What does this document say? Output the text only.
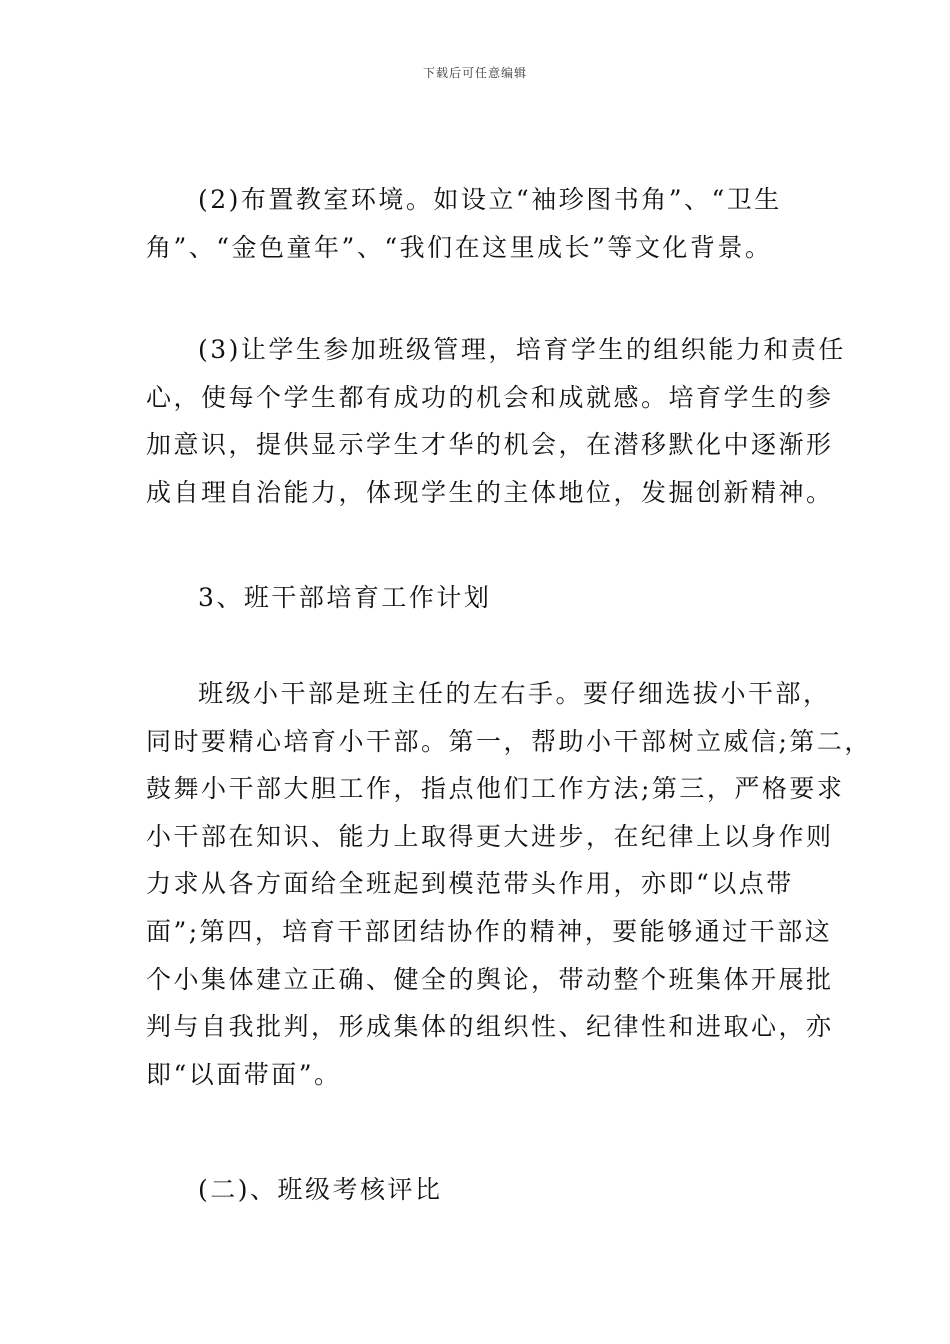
下载后可任意编辑
(2)布置教室环境。如设立“袖珍图书角”、“卫生
角”、“金色童年”、“我们在这里成长”等文化背景。
(3)让学生参加班级管理，培育学生的组织能力和责任
心，使每个学生都有成功的机会和成就感。培育学生的参
加意识，提供显示学生才华的机会，在潜移默化中逐渐形
成自理自治能力，体现学生的主体地位，发掘创新精神。
3、班干部培育工作计划
班级小干部是班主任的左右手。要仔细选拔小干部，
同时要精心培育小干部。第一，帮助小干部树立威信;第二，
鼓舞小干部大胆工作，指点他们工作方法;第三，严格要求
小干部在知识、能力上取得更大进步，在纪律上以身作则
力求从各方面给全班起到模范带头作用，亦即“以点带
面”;第四，培育干部团结协作的精神，要能够通过干部这
个小集体建立正确、健全的舆论，带动整个班集体开展批
判与自我批判，形成集体的组织性、纪律性和进取心，亦
即“以面带面”。
(二)、班级考核评比
